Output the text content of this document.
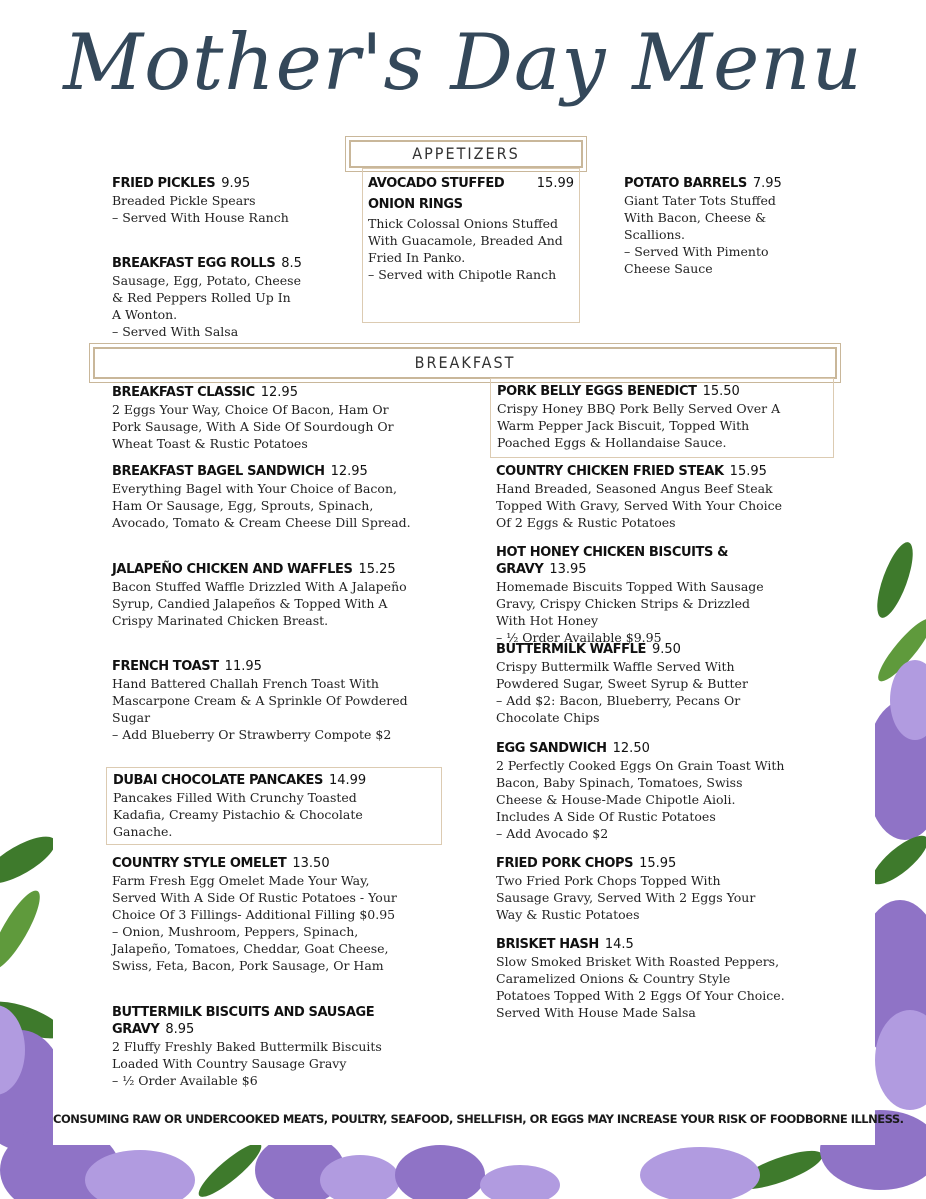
Mother's Day Menu
APPETIZERS
FRIED PICKLES 9.95
Breaded Pickle Spears
– Served With House Ranch
BREAKFAST EGG ROLLS 8.5
Sausage, Egg, Potato, Cheese & Red Peppers Rolled Up In A Wonton.
– Served With Salsa
AVOCADO STUFFED ONION RINGS
15.99
Thick Colossal Onions Stuffed With Guacamole, Breaded And Fried In Panko.
– Served with Chipotle Ranch
POTATO BARRELS 7.95
Giant Tater Tots Stuffed With Bacon, Cheese & Scallions.
– Served With Pimento Cheese Sauce
BREAKFAST
BREAKFAST CLASSIC 12.95
2 Eggs Your Way, Choice Of Bacon, Ham Or Pork Sausage, With A Side Of Sourdough Or Wheat Toast & Rustic Potatoes
BREAKFAST BAGEL SANDWICH 12.95
Everything Bagel with Your Choice of Bacon, Ham Or Sausage, Egg, Sprouts, Spinach, Avocado, Tomato & Cream Cheese Dill Spread.
JALAPEÑO CHICKEN AND WAFFLES 15.25
Bacon Stuffed Waffle Drizzled With A Jalapeño Syrup, Candied Jalapeños & Topped With A Crispy Marinated Chicken Breast.
FRENCH TOAST 11.95
Hand Battered Challah French Toast With Mascarpone Cream & A Sprinkle Of Powdered Sugar
– Add Blueberry Or Strawberry Compote $2
DUBAI CHOCOLATE PANCAKES 14.99
Pancakes Filled With Crunchy Toasted Kadafia, Creamy Pistachio & Chocolate Ganache.
COUNTRY STYLE OMELET 13.50
Farm Fresh Egg Omelet Made Your Way, Served With A Side Of Rustic Potatoes - Your Choice Of 3 Fillings- Additional Filling $0.95
– Onion, Mushroom, Peppers, Spinach, Jalapeño, Tomatoes, Cheddar, Goat Cheese, Swiss, Feta, Bacon, Pork Sausage, Or Ham
BUTTERMILK BISCUITS AND SAUSAGE GRAVY 8.95
2 Fluffy Freshly Baked Buttermilk Biscuits Loaded With Country Sausage Gravy
– ½ Order Available $6
PORK BELLY EGGS BENEDICT 15.50
Crispy Honey BBQ Pork Belly Served Over A Warm Pepper Jack Biscuit, Topped With Poached Eggs & Hollandaise Sauce.
COUNTRY CHICKEN FRIED STEAK 15.95
Hand Breaded, Seasoned Angus Beef Steak Topped With Gravy, Served With Your Choice Of 2 Eggs & Rustic Potatoes
HOT HONEY CHICKEN BISCUITS & GRAVY 13.95
Homemade Biscuits Topped With Sausage Gravy, Crispy Chicken Strips & Drizzled With Hot Honey
– ½ Order Available $9.95
BUTTERMILK WAFFLE 9.50
Crispy Buttermilk Waffle Served With Powdered Sugar, Sweet Syrup & Butter
– Add $2: Bacon, Blueberry, Pecans Or Chocolate Chips
EGG SANDWICH 12.50
2 Perfectly Cooked Eggs On Grain Toast With Bacon, Baby Spinach, Tomatoes, Swiss Cheese & House-Made Chipotle Aioli. Includes A Side Of Rustic Potatoes
– Add Avocado $2
FRIED PORK CHOPS 15.95
Two Fried Pork Chops Topped With Sausage Gravy, Served With 2 Eggs Your Way & Rustic Potatoes
BRISKET HASH 14.5
Slow Smoked Brisket With Roasted Peppers, Caramelized Onions & Country Style Potatoes Topped With 2 Eggs Of Your Choice. Served With House Made Salsa
CONSUMING RAW OR UNDERCOOKED MEATS, POULTRY, SEAFOOD, SHELLFISH, OR EGGS MAY INCREASE YOUR RISK OF FOODBORNE ILLNESS.
